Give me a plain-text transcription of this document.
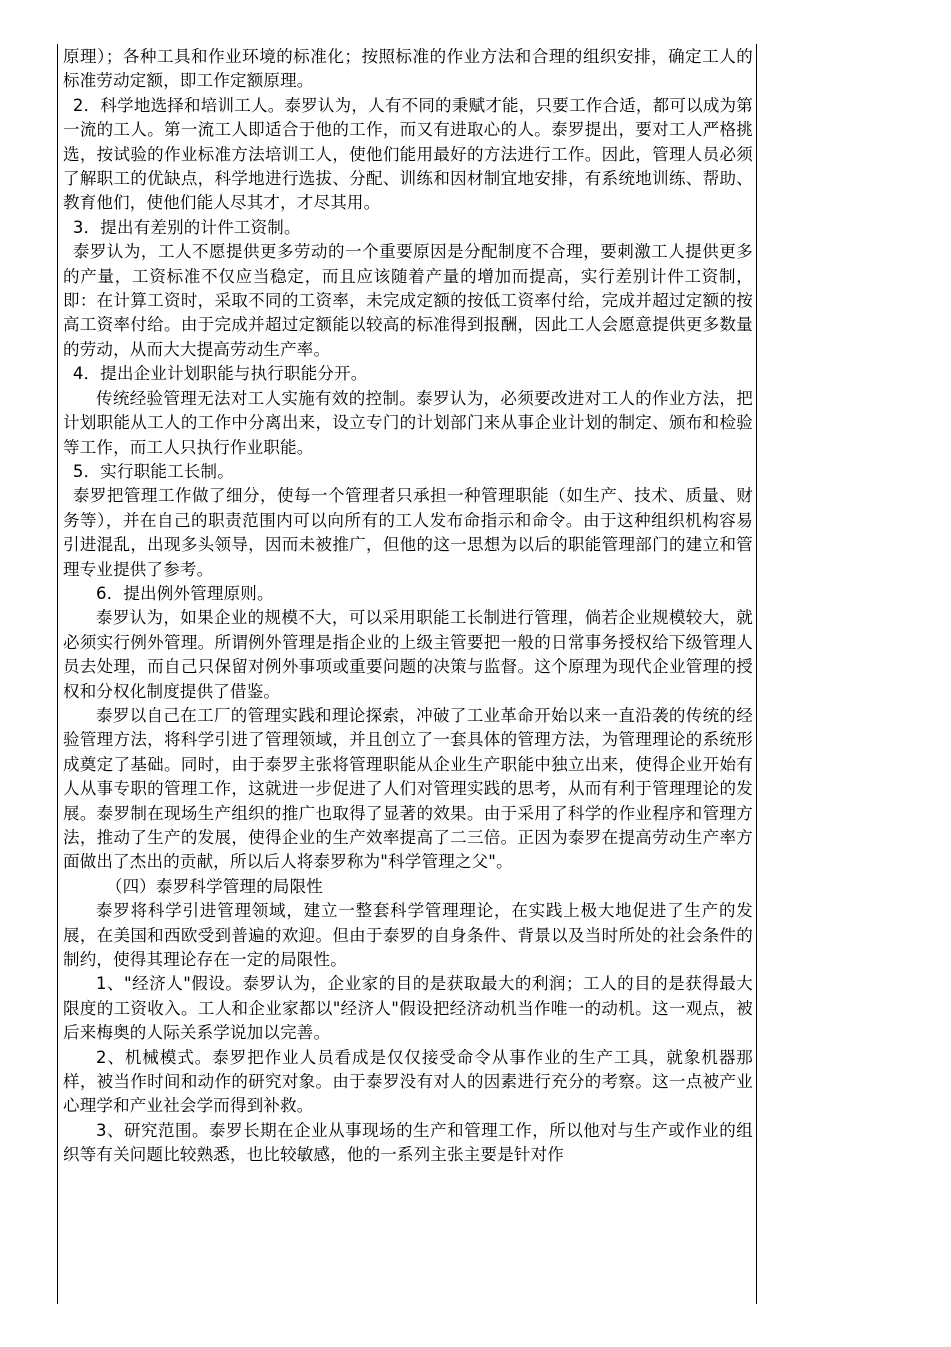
原理）；各种工具和作业环境的标准化；按照标准的作业方法和合理的组织安排，确定工人的标准劳动定额，即工作定额原理。

2．科学地选择和培训工人。泰罗认为，人有不同的秉赋才能，只要工作合适，都可以成为第一流的工人。第一流工人即适合于他的工作，而又有进取心的人。泰罗提出，要对工人严格挑选，按试验的作业标准方法培训工人，使他们能用最好的方法进行工作。因此，管理人员必须了解职工的优缺点，科学地进行选拔、分配、训练和因材制宜地安排，有系统地训练、帮助、教育他们，使他们能人尽其才，才尽其用。

3．提出有差别的计件工资制。

泰罗认为，工人不愿提供更多劳动的一个重要原因是分配制度不合理，要刺激工人提供更多的产量，工资标准不仅应当稳定，而且应该随着产量的增加而提高，实行差别计件工资制，即：在计算工资时，采取不同的工资率，未完成定额的按低工资率付给，完成并超过定额的按高工资率付给。由于完成并超过定额能以较高的标准得到报酬，因此工人会愿意提供更多数量的劳动，从而大大提高劳动生产率。

4．提出企业计划职能与执行职能分开。

传统经验管理无法对工人实施有效的控制。泰罗认为，必须要改进对工人的作业方法，把计划职能从工人的工作中分离出来，设立专门的计划部门来从事企业计划的制定、颁布和检验等工作，而工人只执行作业职能。

5．实行职能工长制。

泰罗把管理工作做了细分，使每一个管理者只承担一种管理职能（如生产、技术、质量、财务等），并在自己的职责范围内可以向所有的工人发布命指示和命令。由于这种组织机构容易引进混乱，出现多头领导，因而未被推广，但他的这一思想为以后的职能管理部门的建立和管理专业提供了参考。

6．提出例外管理原则。

泰罗认为，如果企业的规模不大，可以采用职能工长制进行管理，倘若企业规模较大，就必须实行例外管理。所谓例外管理是指企业的上级主管要把一般的日常事务授权给下级管理人员去处理，而自己只保留对例外事项或重要问题的决策与监督。这个原理为现代企业管理的授权和分权化制度提供了借鉴。

泰罗以自己在工厂的管理实践和理论探索，冲破了工业革命开始以来一直沿袭的传统的经验管理方法，将科学引进了管理领域，并且创立了一套具体的管理方法，为管理理论的系统形成奠定了基础。同时，由于泰罗主张将管理职能从企业生产职能中独立出来，使得企业开始有人从事专职的管理工作，这就进一步促进了人们对管理实践的思考，从而有利于管理理论的发展。泰罗制在现场生产组织的推广也取得了显著的效果。由于采用了科学的作业程序和管理方法，推动了生产的发展，使得企业的生产效率提高了二三倍。正因为泰罗在提高劳动生产率方面做出了杰出的贡献，所以后人将泰罗称为"科学管理之父"。

（四）泰罗科学管理的局限性

泰罗将科学引进管理领域，建立一整套科学管理理论，在实践上极大地促进了生产的发展，在美国和西欧受到普遍的欢迎。但由于泰罗的自身条件、背景以及当时所处的社会条件的制约，使得其理论存在一定的局限性。

1、"经济人"假设。泰罗认为，企业家的目的是获取最大的利润；工人的目的是获得最大限度的工资收入。工人和企业家都以"经济人"假设把经济动机当作唯一的动机。这一观点，被后来梅奥的人际关系学说加以完善。

2、机械模式。泰罗把作业人员看成是仅仅接受命令从事作业的生产工具，就象机器那样，被当作时间和动作的研究对象。由于泰罗没有对人的因素进行充分的考察。这一点被产业心理学和产业社会学而得到补救。

3、研究范围。泰罗长期在企业从事现场的生产和管理工作，所以他对与生产或作业的组织等有关问题比较熟悉，也比较敏感，他的一系列主张主要是针对作
